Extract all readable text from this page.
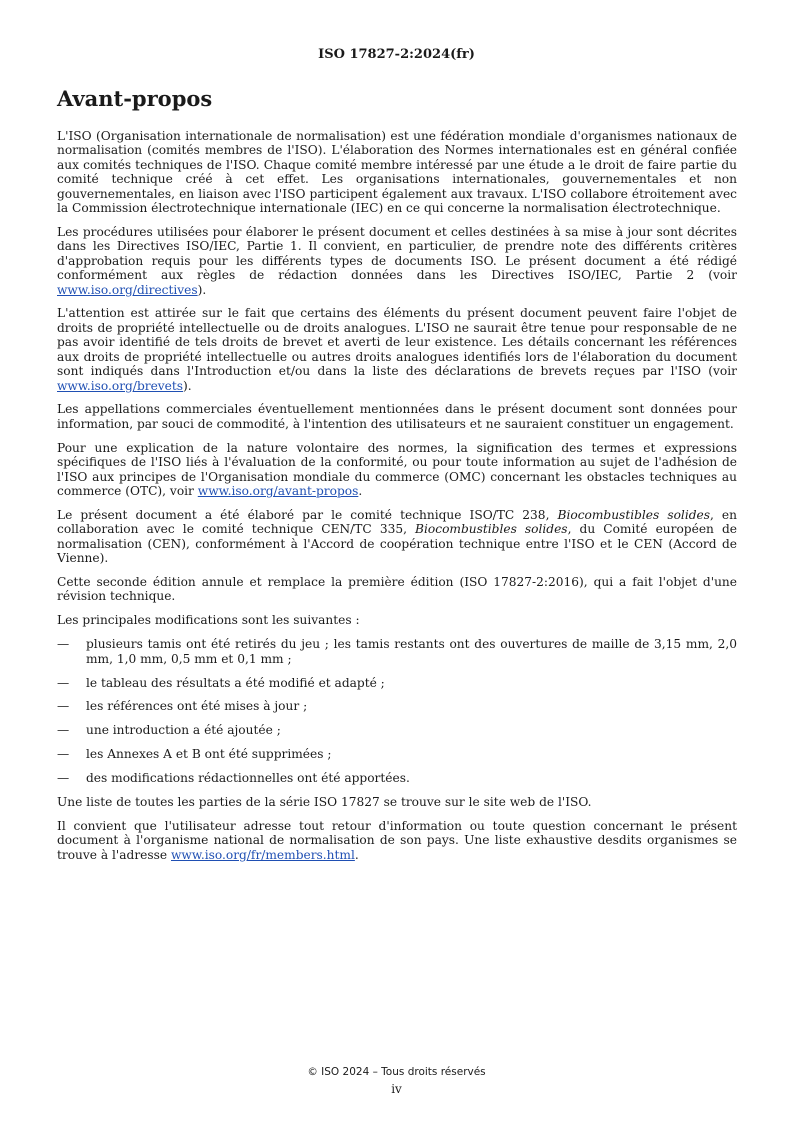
ISO 17827-2:2024(fr)
Avant-propos

L'ISO (Organisation internationale de normalisation) est une fédération mondiale d'organismes nationaux de normalisation (comités membres de l'ISO). L'élaboration des Normes internationales est en général confiée aux comités techniques de l'ISO. Chaque comité membre intéressé par une étude a le droit de faire partie du comité technique créé à cet effet. Les organisations internationales, gouvernementales et non gouvernementales, en liaison avec l'ISO participent également aux travaux. L'ISO collabore étroitement avec la Commission électrotechnique internationale (IEC) en ce qui concerne la normalisation électrotechnique.

Les procédures utilisées pour élaborer le présent document et celles destinées à sa mise à jour sont décrites dans les Directives ISO/IEC, Partie 1. Il convient, en particulier, de prendre note des différents critères d'approbation requis pour les différents types de documents ISO. Le présent document a été rédigé conformément aux règles de rédaction données dans les Directives ISO/IEC, Partie 2 (voir www.iso.org/directives).

L'attention est attirée sur le fait que certains des éléments du présent document peuvent faire l'objet de droits de propriété intellectuelle ou de droits analogues. L'ISO ne saurait être tenue pour responsable de ne pas avoir identifié de tels droits de brevet et averti de leur existence. Les détails concernant les références aux droits de propriété intellectuelle ou autres droits analogues identifiés lors de l'élaboration du document sont indiqués dans l'Introduction et/ou dans la liste des déclarations de brevets reçues par l'ISO (voir www.iso.org/brevets).

Les appellations commerciales éventuellement mentionnées dans le présent document sont données pour information, par souci de commodité, à l'intention des utilisateurs et ne sauraient constituer un engagement.

Pour une explication de la nature volontaire des normes, la signification des termes et expressions spécifiques de l'ISO liés à l'évaluation de la conformité, ou pour toute information au sujet de l'adhésion de l'ISO aux principes de l'Organisation mondiale du commerce (OMC) concernant les obstacles techniques au commerce (OTC), voir www.iso.org/avant-propos.

Le présent document a été élaboré par le comité technique ISO/TC 238, Biocombustibles solides, en collaboration avec le comité technique CEN/TC 335, Biocombustibles solides, du Comité européen de normalisation (CEN), conformément à l'Accord de coopération technique entre l'ISO et le CEN (Accord de Vienne).

Cette seconde édition annule et remplace la première édition (ISO 17827-2:2016), qui a fait l'objet d'une révision technique.

Les principales modifications sont les suivantes :

— plusieurs tamis ont été retirés du jeu ; les tamis restants ont des ouvertures de maille de 3,15 mm, 2,0 mm, 1,0 mm, 0,5 mm et 0,1 mm ;
— le tableau des résultats a été modifié et adapté ;
— les références ont été mises à jour ;
— une introduction a été ajoutée ;
— les Annexes A et B ont été supprimées ;
— des modifications rédactionnelles ont été apportées.

Une liste de toutes les parties de la série ISO 17827 se trouve sur le site web de l'ISO.

Il convient que l'utilisateur adresse tout retour d'information ou toute question concernant le présent document à l'organisme national de normalisation de son pays. Une liste exhaustive desdits organismes se trouve à l'adresse www.iso.org/fr/members.html.

© ISO 2024 – Tous droits réservés
iv
